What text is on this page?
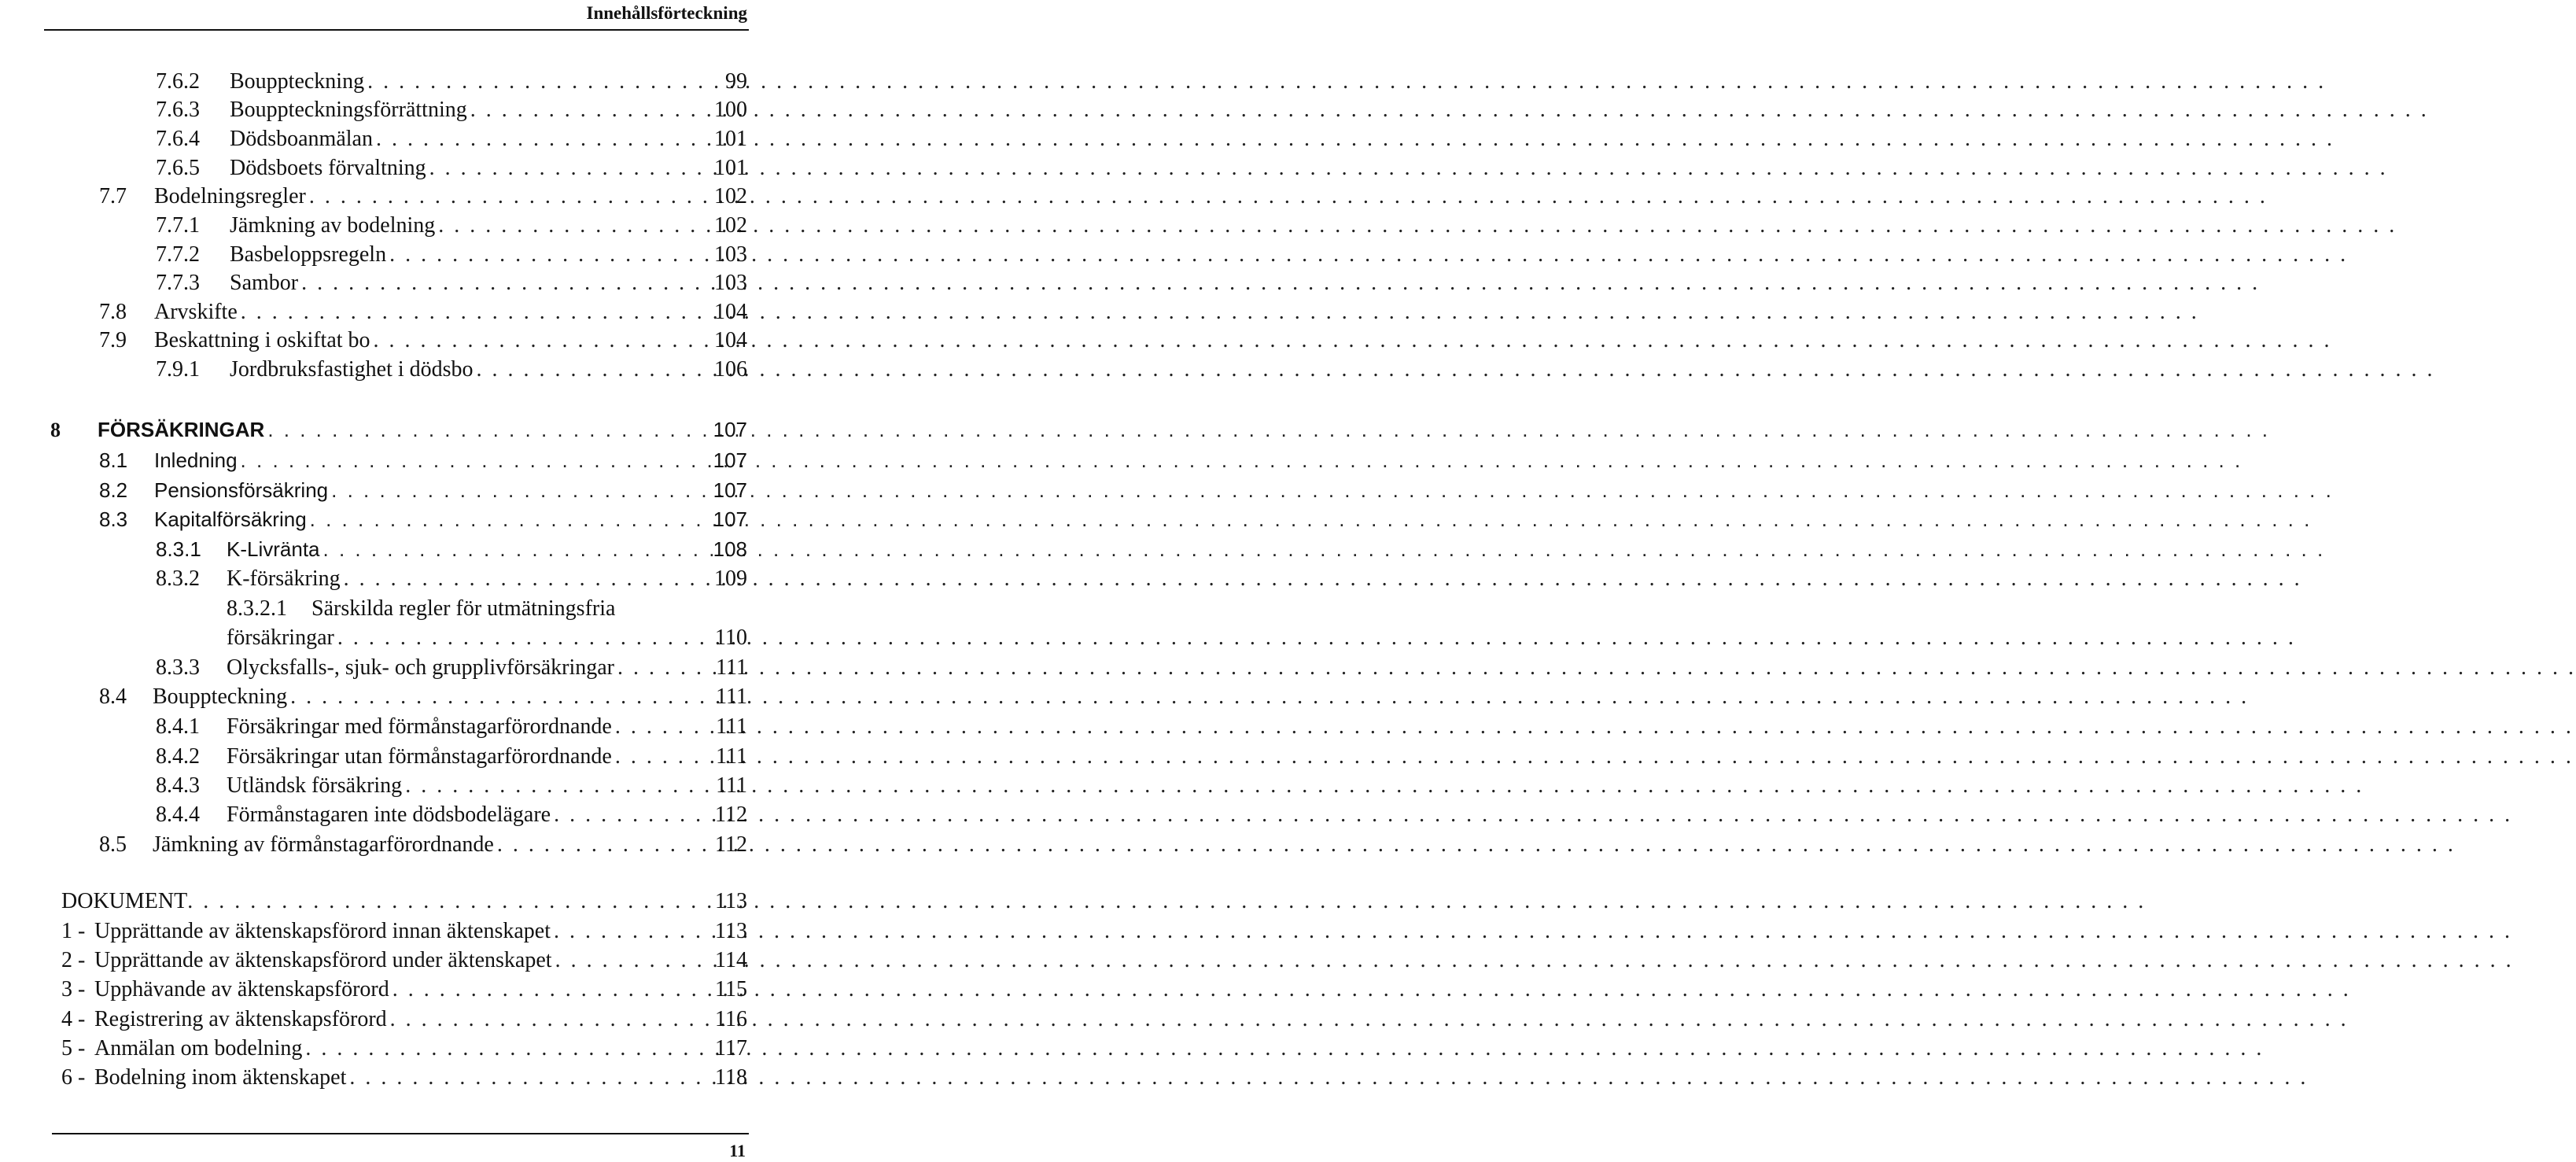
Innehållsförteckning
7.6.2	Bouppteckning . . .	99
7.6.3	Bouppteckningsförrättning . . .	100
7.6.4	Dödsboanmälan . . .	101
7.6.5	Dödsboets förvaltning . . .	101
7.7	Bodelningsregler . . .	102
7.7.1	Jämkning av bodelning . . .	102
7.7.2	Basbeloppsregeln . . .	103
7.7.3	Sambor . . .	103
7.8	Arvskifte . . .	104
7.9	Beskattning i oskiftat bo . . .	104
7.9.1	Jordbruksfastighet i dödsbo . . .	106
8	FÖRSÄKRINGAR . . .	107
8.1	Inledning . . .	107
8.2	Pensionsförsäkring . . .	107
8.3	Kapitalförsäkring . . .	107
8.3.1	K-Livränta . . .	108
8.3.2	K-försäkring . . .	109
8.3.2.1 Särskilda regler för utmätningsfria
försäkringar . . .	110
8.3.3	Olycksfalls-, sjuk- och grupplivförsäkringar . . .	111
8.4	Bouppteckning . . .	111
8.4.1	Försäkringar med förmånstagarförordnande . . .	111
8.4.2	Försäkringar utan förmånstagarförordnande . . .	111
8.4.3	Utländsk försäkring . . .	111
8.4.4	Förmånstagaren inte dödsbodelägare . . .	112
8.5	Jämkning av förmånstagarförordnande . . .	112
DOKUMENT . . .	113
1 - Upprättande av äktenskapsförord innan äktenskapet . . .	113
2 - Upprättande av äktenskapsförord under äktenskapet . . .	114
3 - Upphävande av äktenskapsförord . . .	115
4 - Registrering av äktenskapsförord . . .	116
5 - Anmälan om bodelning . . .	117
6 - Bodelning inom äktenskapet . . .	118
11
